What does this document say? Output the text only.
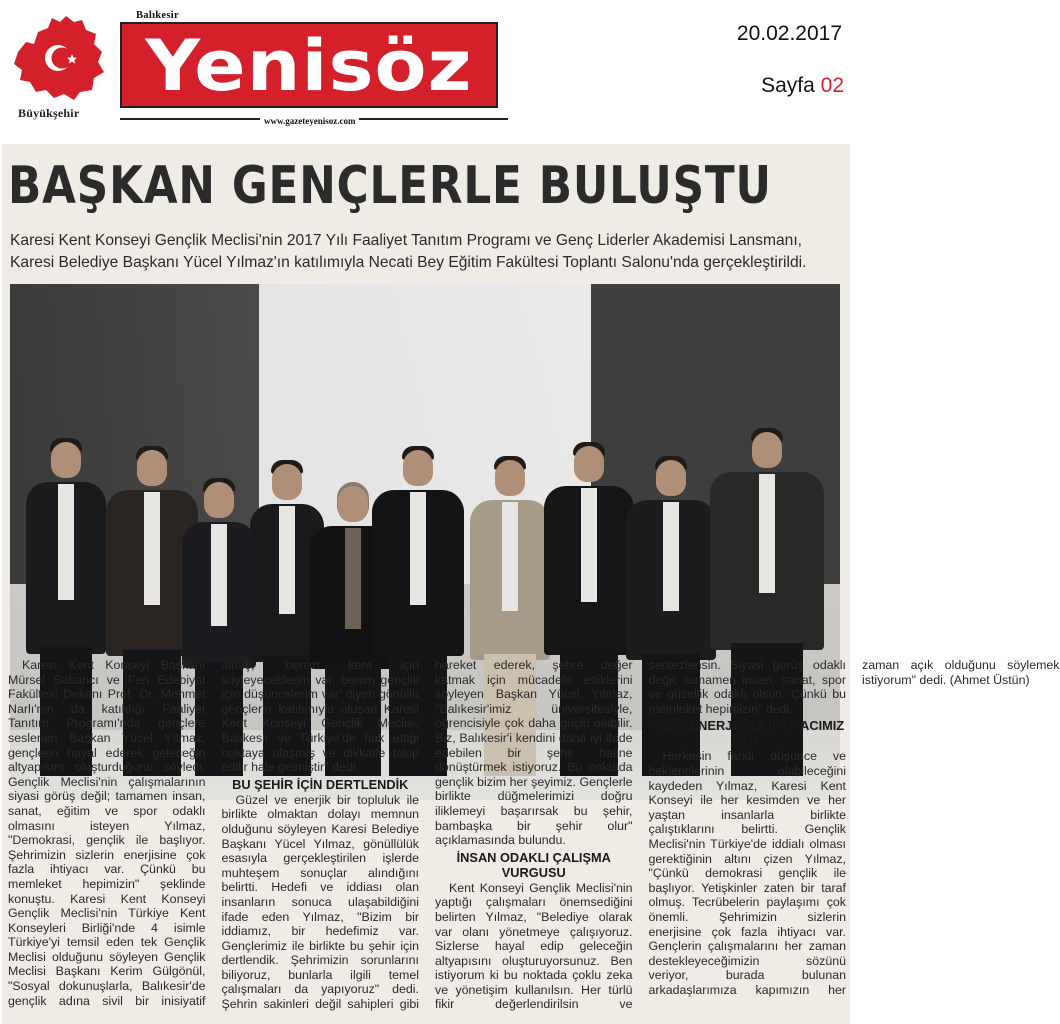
Büyükşehir
Balıkesir
Yenisöz
www.gazeteyenisoz.com
20.02.2017
Sayfa 02
BAŞKAN GENÇLERLE BULUŞTU
Karesi Kent Konseyi Gençlik Meclisi'nin 2017 Yılı Faaliyet Tanıtım Programı ve Genç Liderler Akademisi Lansmanı, Karesi Belediye Başkanı Yücel Yılmaz'ın katılımıyla Necati Bey Eğitim Fakültesi Toplantı Salonu'nda gerçekleştirildi.

Karesi Kent Konseyi Başkanı Mürsel Sabancı ve Fen Edebiyat Fakültesi Dekanı Prof. Dr. Mehmet Narlı'nın da katıldığı Faaliyet Tanıtım Programı'nda gençlere seslenen Başkan Yücel Yılmaz, gençlerin hayal ederek geleceğin altyapısını oluşturduğunu söyledi. Gençlik Meclisi'nin çalışmalarının siyasi görüş değil; tamamen insan, sanat, eğitim ve spor odaklı olmasını isteyen Yılmaz, "Demokrasi, gençlik ile başlıyor. Şehrimizin sizlerin enerjisine çok fazla ihtiyacı var. Çünkü bu memleket hepimizin" şeklinde konuştu. Karesi Kent Konseyi Gençlik Meclisi'nin Türkiye Kent Konseyleri Birliği'nde 4 isimle Türkiye'yi temsil eden tek Gençlik Meclisi olduğunu söyleyen Gençlik Meclisi Başkanı Kerim Gülgönül, "Sosyal dokunuşlarla, Balıkesir'de gençlik adına sivil bir inisiyatif almış, 'benim kent için söyleyeceklerim var, benim gençlik için düşüncelerim var' diyen gönüllü gençlerin katılımıyla oluşan Karesi Kent Konseyi Gençlik Meclisi, Balıkesir ve Türkiye'de hak ettiği noktaya ulaşmış ve dikkatle takip edilir hale gelmiştir" dedi.

BU ŞEHİR İÇİN DERTLENDİK

Güzel ve enerjik bir topluluk ile birlikte olmaktan dolayı memnun olduğunu söyleyen Karesi Belediye Başkanı Yücel Yılmaz, gönüllülük esasıyla gerçekleştirilen işlerde muhteşem sonuçlar alındığını belirtti. Hedefi ve iddiası olan insanların sonuca ulaşabildiğini ifade eden Yılmaz, "Bizim bir iddiamız, bir hedefimiz var. Gençlerimiz ile birlikte bu şehir için dertlendik. Şehrimizin sorunlarını biliyoruz, bunlarla ilgili temel çalışmaları da yapıyoruz" dedi. Şehrin sakinleri değil sahipleri gibi hareket ederek, şehre değer katmak için mücadele ettiklerini söyleyen Başkan Yücel Yılmaz, "Balıkesir'imiz üniversitesiyle, öğrencisiyle çok daha güçlü olabilir. Biz, Balıkesir'i kendini daha iyi ifade edebilen bir şehir haline dönüştürmek istiyoruz. Bu noktada gençlik bizim her şeyimiz. Gençlerle birlikte düğmelerimizi doğru iliklemeyi başarırsak bu şehir, bambaşka bir şehir olur" açıklamasında bulundu.

İNSAN ODAKLI ÇALIŞMA VURGUSU

Kent Konseyi Gençlik Meclisi'nin yaptığı çalışmaları önemsediğini belirten Yılmaz, "Belediye olarak var olanı yönetmeye çalışıyoruz. Sizlerse hayal edip geleceğin altyapısını oluşturuyorsunuz. Ben istiyorum ki bu noktada çoklu zeka ve yönetişim kullanılsın. Her türlü fikir değerlendirilsin ve sentezlensin. Siyasi görüş odaklı değil; tamamen insan, sanat, spor ve güzellik odaklı olsun. Çünkü bu memleket hepimizin" dedi.

'SİZİN ENERJİNİZE İHTİYACIMIZ VAR'

Herkesin farklı düşünce ve beklentilerinin olabileceğini kaydeden Yılmaz, Karesi Kent Konseyi ile her kesimden ve her yaştan insanlarla birlikte çalıştıklarını belirtti. Gençlik Meclisi'nin Türkiye'de iddialı olması gerektiğinin altını çizen Yılmaz, "Çünkü demokrasi gençlik ile başlıyor. Yetişkinler zaten bir taraf olmuş. Tecrübelerin paylaşımı çok önemli. Şehrimizin sizlerin enerjisine çok fazla ihtiyacı var. Gençlerin çalışmalarını her zaman destekleyeceğimizin sözünü veriyor, burada bulunan arkadaşlarımıza kapımızın her zaman açık olduğunu söylemek istiyorum" dedi. (Ahmet Üstün)
